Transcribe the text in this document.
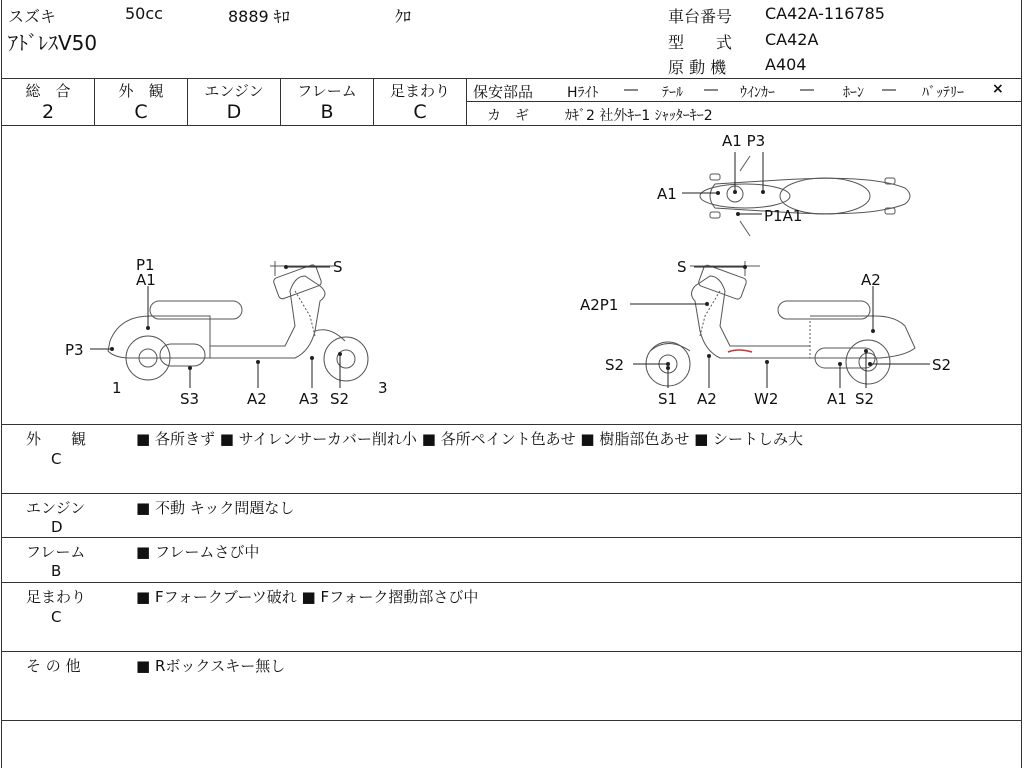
スズキ	50cc	8889 ｷﾛ	ｸﾛ
ｱﾄﾞﾚｽV50
車台番号 CA42A-116785
型　　式 CA42A
原 動 機 A404
総　合
2
外　観
C
エンジン
D
フレーム
B
足まわり
C
保安部品 Hﾗｲﾄ ― ﾃｰﾙ ― ｳｲﾝｶｰ ― ﾎｰﾝ ― ﾊﾞｯﾃﾘｰ ×
カ　ギ	ｶｷﾞ2 社外ｷｰ1 ｼｬｯﾀｰｷｰ2
A1 P3
A1
P1A1
P1
A1
S
P3
1	3
S3	A2 A3 S2
S
A2P1
A2
S2	S2
S1 A2 W2	A1 S2
外　　観
C
■ 各所きず ■ サイレンサーカバー削れ小 ■ 各所ペイント色あせ ■ 樹脂部色あせ ■ シートしみ大
エンジン
D
■ 不動 キック問題なし
フレーム
B
■ フレームさび中
足まわり
C
■ Fフォークブーツ破れ ■ Fフォーク摺動部さび中
そ の 他	■ Rボックスキー無し
